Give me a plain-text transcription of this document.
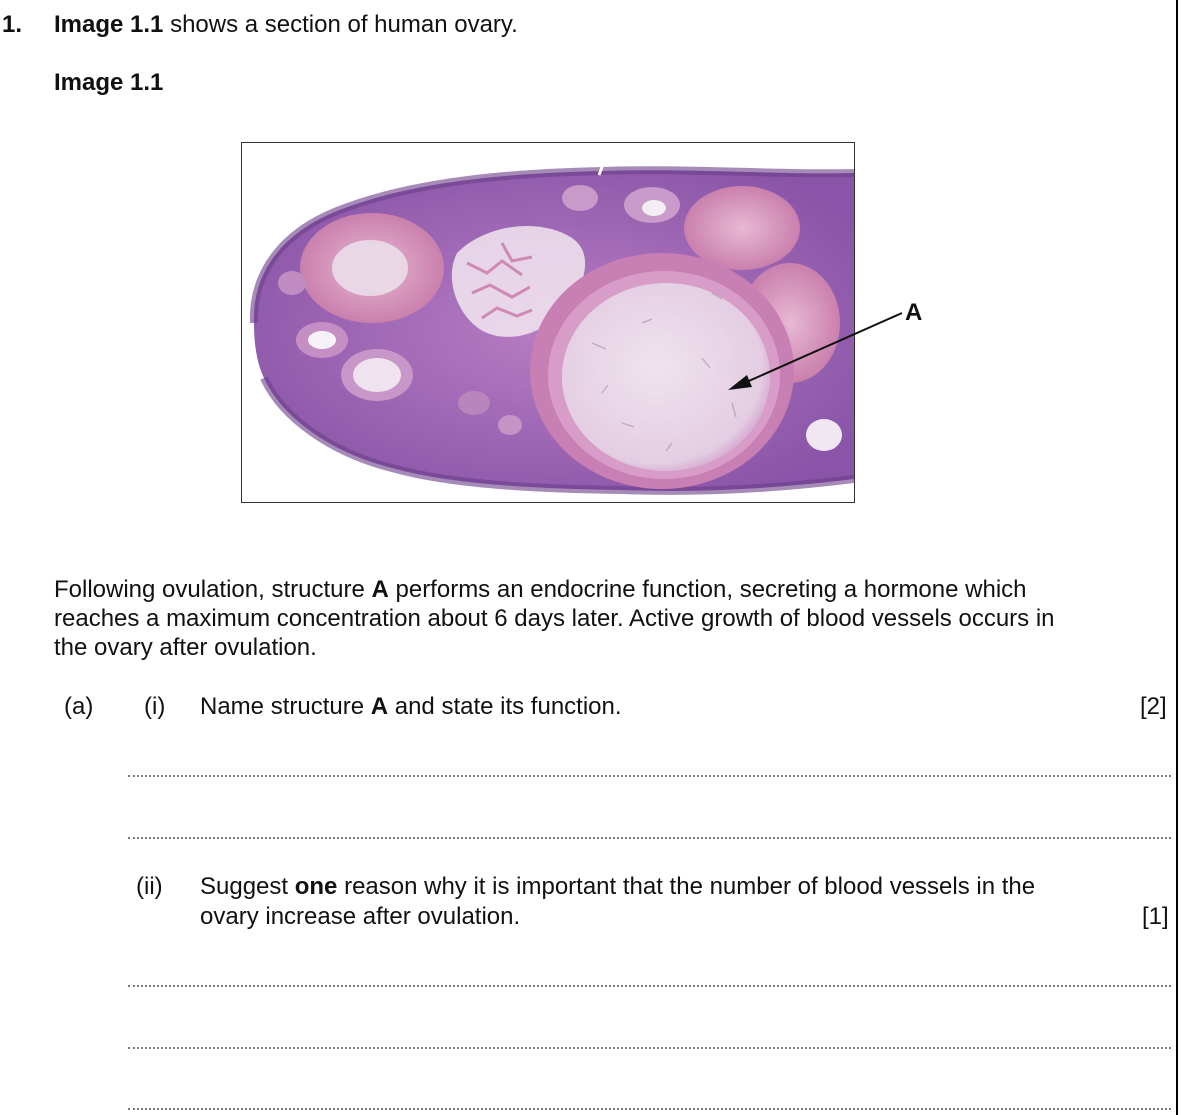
1. Image 1.1 shows a section of human ovary.
Image 1.1
A
Following ovulation, structure A performs an endocrine function, secreting a hormone which
reaches a maximum concentration about 6 days later. Active growth of blood vessels occurs in
the ovary after ovulation.
(a) (i) Name structure A and state its function.	[2]
(ii) Suggest one reason why it is important that the number of blood vessels in the
ovary increase after ovulation.	[1]
